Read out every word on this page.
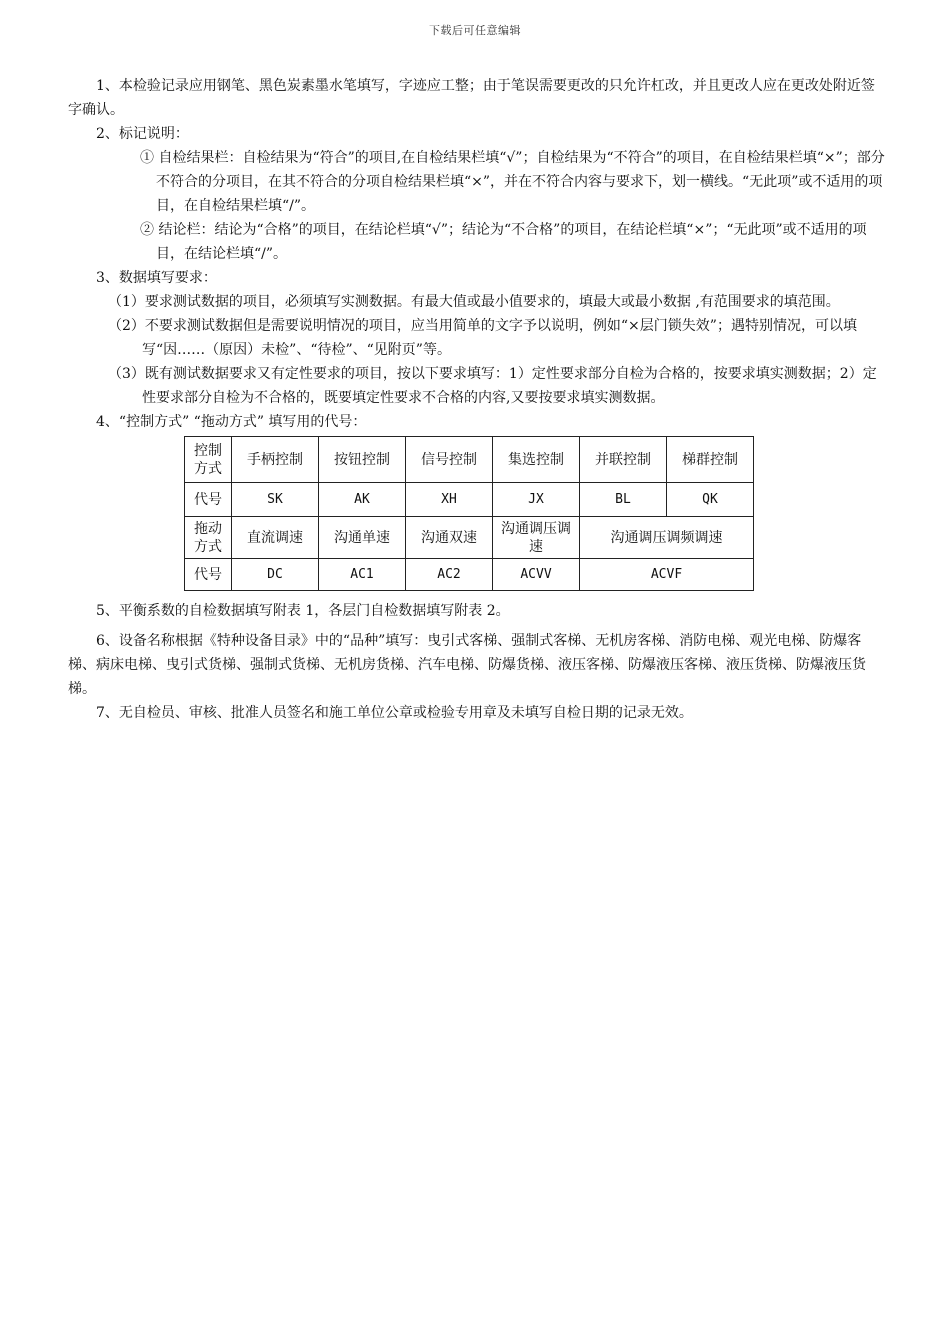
下载后可任意编辑

1、本检验记录应用钢笔、黑色炭素墨水笔填写，字迹应工整；由于笔误需要更改的只允许杠改，并且更改人应在更改处附近签字确认。

2、标记说明：

① 自检结果栏：自检结果为“符合”的项目,在自检结果栏填“√”；自检结果为“不符合”的项目，在自检结果栏填“×”；部分不符合的分项目，在其不符合的分项自检结果栏填“×”，并在不符合内容与要求下，划一横线。“无此项”或不适用的项目，在自检结果栏填“/”。

② 结论栏：结论为“合格”的项目，在结论栏填“√”；结论为“不合格”的项目，在结论栏填“×”；“无此项”或不适用的项目，在结论栏填“/”。

3、数据填写要求：

（1）要求测试数据的项目，必须填写实测数据。有最大值或最小值要求的，填最大或最小数据 ,有范围要求的填范围。

（2）不要求测试数据但是需要说明情况的项目，应当用简单的文字予以说明，例如“×层门锁失效”；遇特别情况，可以填写“因……（原因）未检”、“待检”、“见附页”等。

（3）既有测试数据要求又有定性要求的项目，按以下要求填写：1）定性要求部分自检为合格的，按要求填实测数据；2）定性要求部分自检为不合格的，既要填定性要求不合格的内容,又要按要求填实测数据。

4、“控制方式” “拖动方式” 填写用的代号：

控制方式	手柄控制	按钮控制	信号控制	集选控制	并联控制	梯群控制
代号	SK	AK	XH	JX	BL	QK
拖动方式	直流调速	沟通单速	沟通双速	沟通调压调速	沟通调压调频调速	
代号	DC	AC1	AC2	ACVV	ACVF	

5、平衡系数的自检数据填写附表 1，各层门自检数据填写附表 2。

6、设备名称根据《特种设备目录》中的“品种”填写：曳引式客梯、强制式客梯、无机房客梯、消防电梯、观光电梯、防爆客梯、病床电梯、曳引式货梯、强制式货梯、无机房货梯、汽车电梯、防爆货梯、液压客梯、防爆液压客梯、液压货梯、防爆液压货梯。

7、无自检员、审核、批准人员签名和施工单位公章或检验专用章及未填写自检日期的记录无效。
